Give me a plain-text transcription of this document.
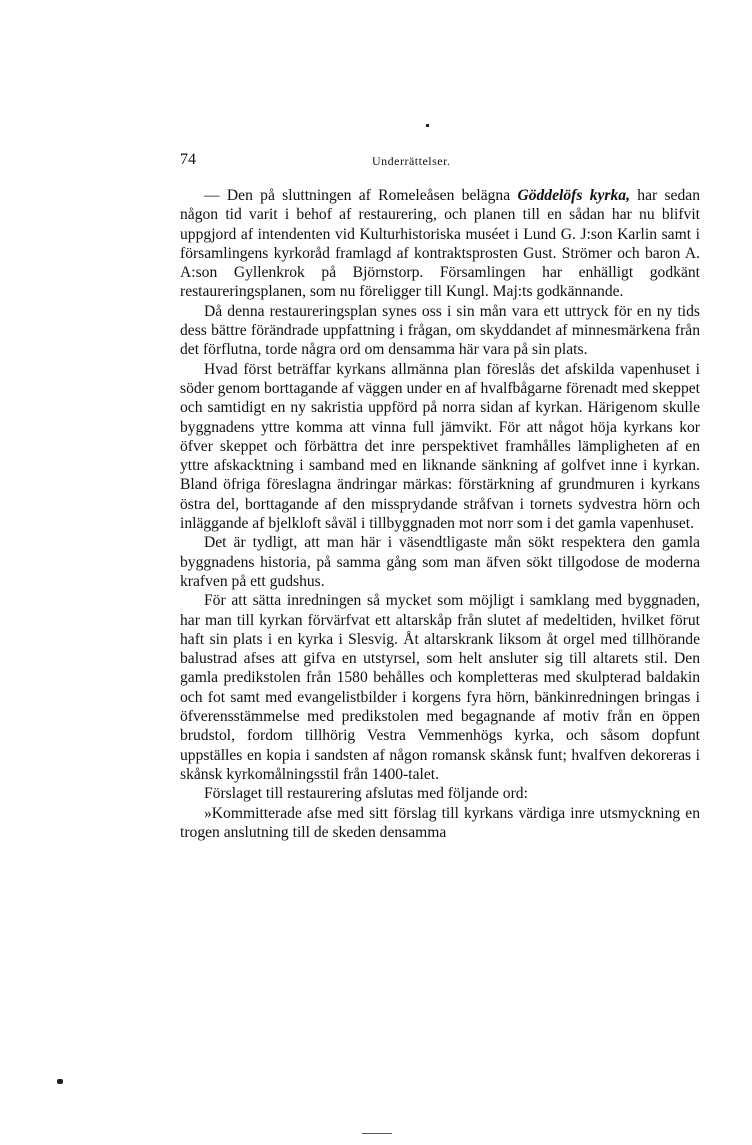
74	Underrättelser.

— Den på sluttningen af Romeleåsen belägna Göddelöfs kyrka, har sedan någon tid varit i behof af restaurering, och planen till en sådan har nu blifvit uppgjord af intendenten vid Kulturhistoriska muséet i Lund G. J:son Karlin samt i församlingens kyrkoråd framlagd af kontraktsprosten Gust. Strömer och baron A. A:son Gyllenkrok på Björnstorp. Församlingen har enhälligt godkänt restaureringsplanen, som nu föreligger till Kungl. Maj:ts godkännande.

Då denna restaureringsplan synes oss i sin mån vara ett uttryck för en ny tids dess bättre förändrade uppfattning i frågan, om skyddandet af minnesmärkena från det förflutna, torde några ord om densamma här vara på sin plats.

Hvad först beträffar kyrkans allmänna plan föreslås det afskilda vapenhuset i söder genom borttagande af väggen under en af hvalfbågarne förenadt med skeppet och samtidigt en ny sakristia uppförd på norra sidan af kyrkan. Härigenom skulle byggnadens yttre komma att vinna full jämvikt. För att något höja kyrkans kor öfver skeppet och förbättra det inre perspektivet framhålles lämpligheten af en yttre afskacktning i samband med en liknande sänkning af golfvet inne i kyrkan. Bland öfriga föreslagna ändringar märkas: förstärkning af grundmuren i kyrkans östra del, borttagande af den missprydande stråfvan i tornets sydvestra hörn och inläggande af bjelkloft såväl i tillbyggnaden mot norr som i det gamla vapenhuset.

Det är tydligt, att man här i väsendtligaste mån sökt respektera den gamla byggnadens historia, på samma gång som man äfven sökt tillgodose de moderna krafven på ett gudshus.

För att sätta inredningen så mycket som möjligt i samklang med byggnaden, har man till kyrkan förvärfvat ett altarskåp från slutet af medeltiden, hvilket förut haft sin plats i en kyrka i Slesvig. Åt altarskrank liksom åt orgel med tillhörande balustrad afses att gifva en utstyrsel, som helt ansluter sig till altarets stil. Den gamla predikstolen från 1580 behålles och kompletteras med skulpterad baldakin och fot samt med evangelistbilder i korgens fyra hörn, bänkinredningen bringas i öfverensstämmelse med predikstolen med begagnande af motiv från en öppen brudstol, fordom tillhörig Vestra Vemmenhögs kyrka, och såsom dopfunt uppställes en kopia i sandsten af någon romansk skånsk funt; hvalfven dekoreras i skånsk kyrkomålningsstil från 1400-talet.

Förslaget till restaurering afslutas med följande ord:

»Kommitterade afse med sitt förslag till kyrkans värdiga inre utsmyckning en trogen anslutning till de skeden densamma
